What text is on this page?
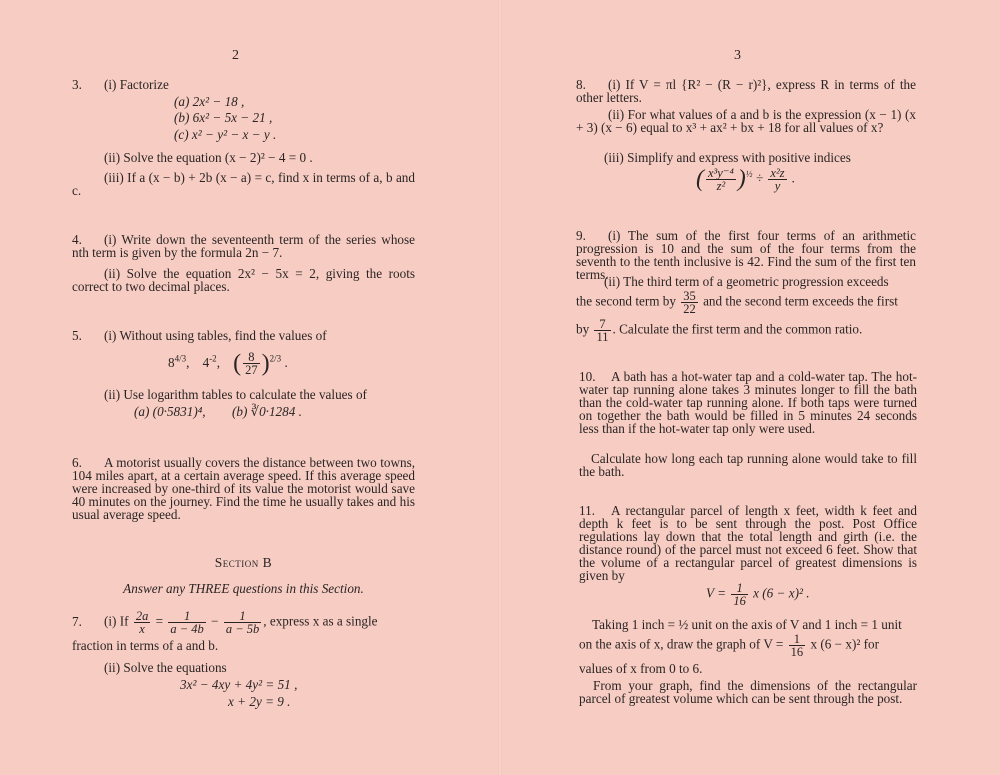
2

3. (i) Factorize

(a) 2x² − 18 ,
(b) 6x² − 5x − 21 ,
(c) x² − y² − x − y .
(ii) Solve the equation (x − 2)² − 4 = 0 .
(iii) If a (x − b) + 2b (x − a) = c, find x in terms of a, b and c.

4. (i) Write down the seventeenth term of the series whose nth term is given by the formula 2n − 7.

(ii) Solve the equation 2x² − 5x = 2, giving the roots correct to two decimal places.

5. (i) Without using tables, find the values of

$8^{4/3}$, $4^{-2}$, ( $\frac{8}{27} )^{2/3}$ .
(ii) Use logarithm tables to calculate the values of
(a) (0·5831)⁴, (b) ∛0·1284 .

6. A motorist usually covers the distance between two towns, 104 miles apart, at a certain average speed. If this average speed were increased by one-third of its value the motorist would save 40 minutes on the journey. Find the time he usually takes and his usual average speed.

Section B
Answer any THREE questions in this Section.
7. (i) If $\frac{2a}{x} = \frac{1}{a - 4b} - \frac{1}{a - 5b}$ , express x as a single
fraction in terms of a and b.
(ii) Solve the equations
3x² − 4xy + 4y² = 51 ,
x + 2y = 9 .
3

8. (i) If V = πl {R² − (R − r)²}, express R in terms of the other letters.

(ii) For what values of a and b is the expression (x − 1) (x + 3) (x − 6) equal to x³ + ax² + bx + 18 for all values of x?
(iii) Simplify and express with positive indices
( $\frac{\text{x³y⁻⁴}}{\text{z²}} )^{\frac{1}{2}} \div \frac{\text{x²z}}{y}$ .

9. (i) The sum of the first four terms of an arithmetic progression is 10 and the sum of the four terms from the seventh to the tenth inclusive is 42. Find the sum of the first ten terms.

(ii) The third term of a geometric progression exceeds
the second term by $\frac{35}{22}$ and the second term exceeds the first
by $\frac{7}{11}$ . Calculate the first term and the common ratio.

10. A bath has a hot-water tap and a cold-water tap. The hot-water tap running alone takes 3 minutes longer to fill the bath than the cold-water tap running alone. If both taps were turned on together the bath would be filled in 5 minutes 24 seconds less than if the hot-water tap only were used.

Calculate how long each tap running alone would take to fill the bath.

11. A rectangular parcel of length x feet, width k feet and depth k feet is to be sent through the post. Post Office regulations lay down that the total length and girth (i.e. the distance round) of the parcel must not exceed 6 feet. Show that the volume of a rectangular parcel of greatest dimensions is given by

$V = \frac{1}{16}$ x (6 − x)² .
Taking 1 inch = ½ unit on the axis of V and 1 inch = 1 unit
on the axis of x, draw the graph of $V = \frac{1}{16}$ x (6 − x)² for
values of x from 0 to 6.
From your graph, find the dimensions of the rectangular parcel of greatest volume which can be sent through the post.
